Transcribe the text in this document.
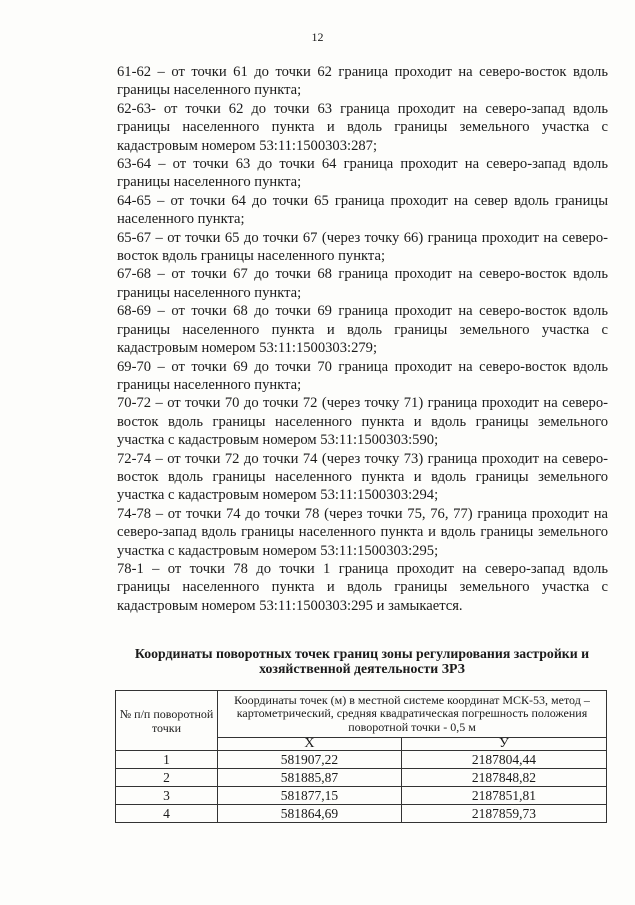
12

61-62 – от точки 61 до точки 62 граница проходит на северо-восток вдоль границы населенного пункта;

62-63- от точки 62 до точки 63 граница проходит на северо-запад вдоль границы населенного пункта и вдоль границы земельного участка с кадастровым номером 53:11:1500303:287;

63-64 – от точки 63 до точки 64 граница проходит на северо-запад вдоль границы населенного пункта;

64-65 – от точки 64 до точки 65 граница проходит на север вдоль границы населенного пункта;

65-67 – от точки 65 до точки 67 (через точку 66) граница проходит на северо-восток вдоль границы населенного пункта;

67-68 – от точки 67 до точки 68 граница проходит на северо-восток вдоль границы населенного пункта;

68-69 – от точки 68 до точки 69 граница проходит на северо-восток вдоль границы населенного пункта и вдоль границы земельного участка с кадастровым номером 53:11:1500303:279;

69-70 – от точки 69 до точки 70 граница проходит на северо-восток вдоль границы населенного пункта;

70-72 – от точки 70 до точки 72 (через точку 71) граница проходит на северо-восток вдоль границы населенного пункта и вдоль границы земельного участка с кадастровым номером 53:11:1500303:590;

72-74 – от точки 72 до точки 74 (через точку 73) граница проходит на северо-восток вдоль границы населенного пункта и вдоль границы земельного участка с кадастровым номером 53:11:1500303:294;

74-78 – от точки 74 до точки 78 (через точки 75, 76, 77) граница проходит на северо-запад вдоль границы населенного пункта и вдоль границы земельного участка с кадастровым номером 53:11:1500303:295;

78-1 – от точки 78 до точки 1 граница проходит на северо-запад вдоль границы населенного пункта и вдоль границы земельного участка с кадастровым номером 53:11:1500303:295 и замыкается.

Координаты поворотных точек границ зоны регулирования застройки и хозяйственной деятельности ЗРЗ
№ п/п поворотной точки	Координаты точек (м) в местной системе координат МСК-53, метод – картометрический, средняя квадратическая погрешность положения поворотной точки - 0,5 м	
	X	У
1	581907,22	2187804,44
2	581885,87	2187848,82
3	581877,15	2187851,81
4	581864,69	2187859,73
